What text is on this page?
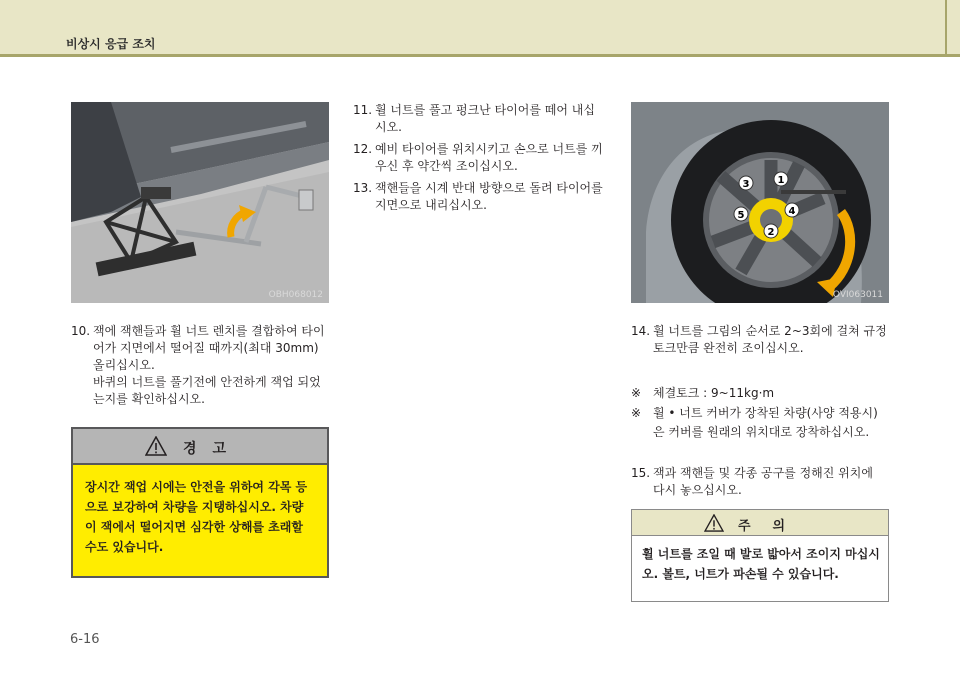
비상시 응급 조치
OBH068012
1
2
3
4
5
OVI063011
10. 잭에 잭핸들과 휠 너트 렌치를 결합하여 타이
어가 지면에서 떨어질 때까지(최대 30mm)
올리십시오.
바퀴의 너트를 풀기전에 안전하게 잭업 되었
는지를 확인하십시오.
경고
장시간 잭업 시에는 안전을 위하여 각목 등
으로 보강하여 차량을 지탱하십시오. 차량
이 잭에서 떨어지면 심각한 상해를 초래할
수도 있습니다.
11. 휠 너트를 풀고 펑크난 타이어를 떼어 내십
시오.
12. 예비 타이어를 위치시키고 손으로 너트를 끼
우신 후 약간씩 조이십시오.
13. 잭핸들을 시계 반대 방향으로 돌려 타이어를
지면으로 내리십시오.
14. 휠 너트를 그림의 순서로 2~3회에 걸쳐 규정
토크만큼 완전히 조이십시오.
※ 체결토크 : 9~11kg·m
※ 휠 • 너트 커버가 장착된 차량(사양 적용시)
은 커버를 원래의 위치대로 장착하십시오.
15. 잭과 잭핸들 및 각종 공구를 정해진 위치에
다시 놓으십시오.
주의
휠 너트를 조일 때 발로 밟아서 조이지 마십시
오. 볼트, 너트가 파손될 수 있습니다.
6-16
